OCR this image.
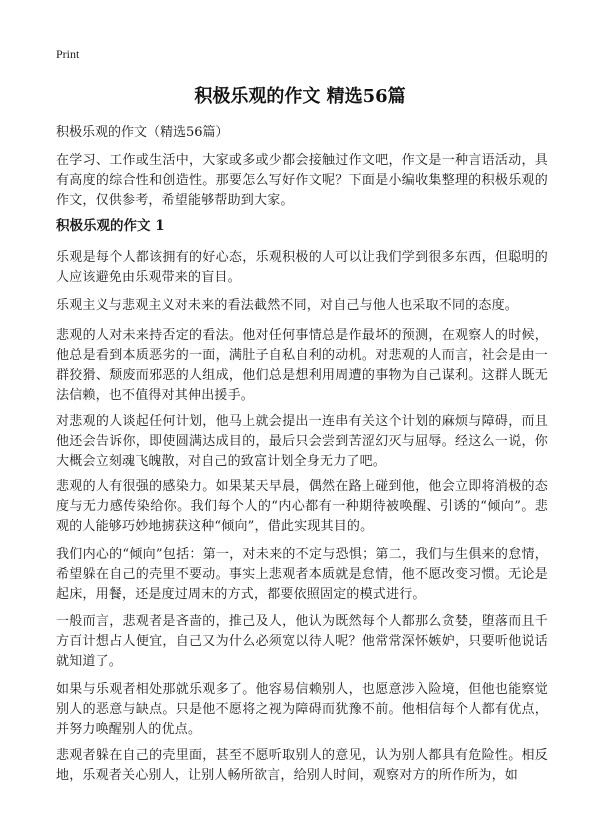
Print
积极乐观的作文 精选56篇

积极乐观的作文（精选56篇）

在学习、工作或生活中，大家或多或少都会接触过作文吧，作文是一种言语活动，具有高度的综合性和创造性。那要怎么写好作文呢？下面是小编收集整理的积极乐观的作文，仅供参考，希望能够帮助到大家。

积极乐观的作文 1

乐观是每个人都该拥有的好心态，乐观积极的人可以让我们学到很多东西，但聪明的人应该避免由乐观带来的盲目。

乐观主义与悲观主义对未来的看法截然不同，对自己与他人也采取不同的态度。

悲观的人对未来持否定的看法。他对任何事情总是作最坏的预测，在观察人的时候，他总是看到本质恶劣的一面，满肚子自私自利的动机。对悲观的人而言，社会是由一群狡猾、颓废而邪恶的人组成，他们总是想利用周遭的事物为自己谋利。这群人既无法信赖，也不值得对其伸出援手。

对悲观的人谈起任何计划，他马上就会提出一连串有关这个计划的麻烦与障碍，而且他还会告诉你，即使圆满达成目的，最后只会尝到苦涩幻灭与屈辱。经这么一说，你大概会立刻魂飞魄散，对自己的致富计划全身无力了吧。

悲观的人有很强的感染力。如果某天早晨，偶然在路上碰到他，他会立即将消极的态度与无力感传染给你。我们每个人的“内心都有一种期待被唤醒、引诱的“倾向”。悲观的人能够巧妙地掳获这种“倾向”，借此实现其目的。

我们内心的“倾向”包括：第一，对未来的不定与恐惧；第二，我们与生俱来的怠情，希望躲在自己的壳里不要动。事实上悲观者本质就是怠情，他不愿改变习惯。无论是起床，用餐，还是度过周末的方式，都要依照固定的模式进行。

一般而言，悲观者是吝啬的，推己及人，他认为既然每个人都那么贪婪，堕落而且千方百计想占人便宜，自己又为什么必须宽以待人呢？他常常深怀嫉妒，只要听他说话就知道了。

如果与乐观者相处那就乐观多了。他容易信赖别人，也愿意涉入险境，但他也能察觉别人的恶意与缺点。只是他不愿将之视为障碍而犹豫不前。他相信每个人都有优点，并努力唤醒别人的优点。

悲观者躲在自己的壳里面，甚至不愿听取别人的意见，认为别人都具有危险性。相反地，乐观者关心别人，让别人畅所欲言，给别人时间，观察对方的所作所为，如
